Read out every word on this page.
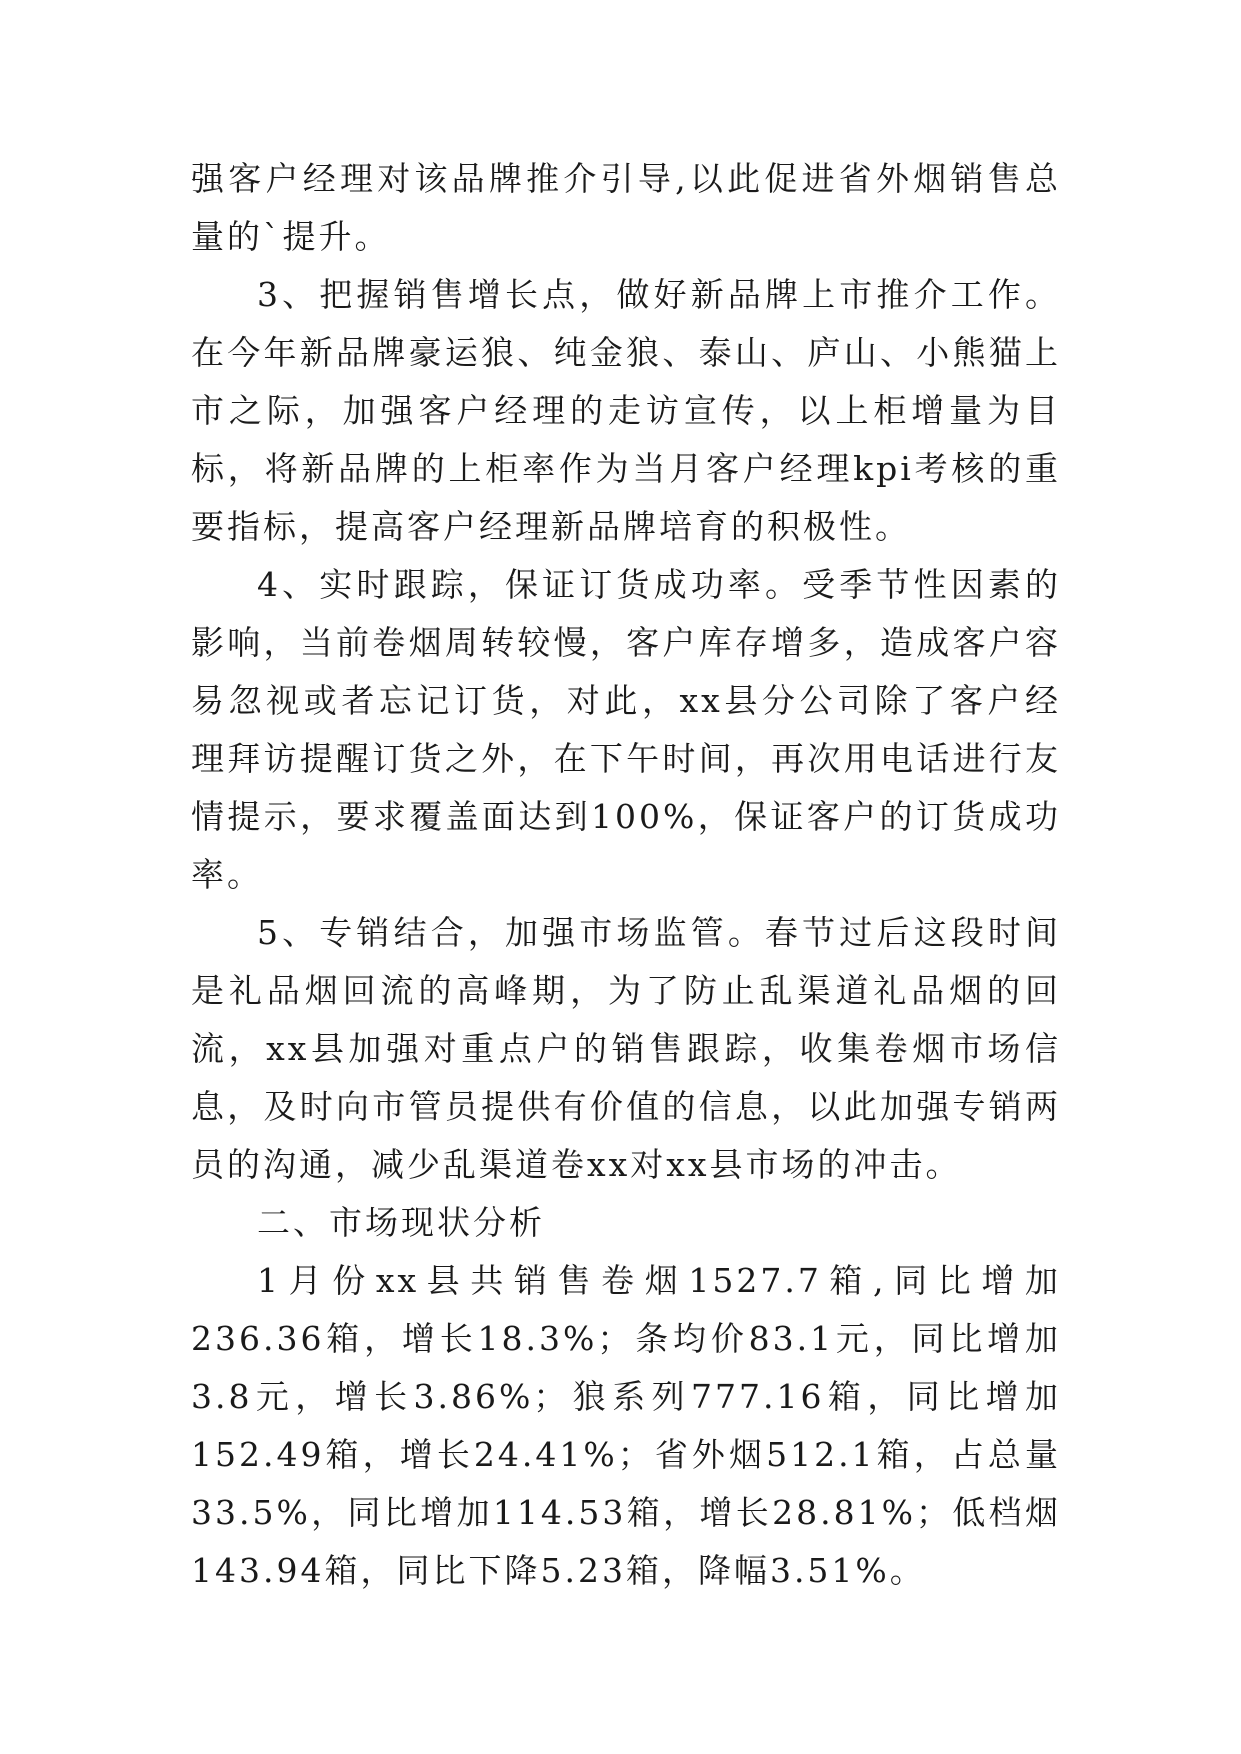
强客户经理对该品牌推介引导,以此促进省外烟销售总量的`提升。

3、把握销售增长点，做好新品牌上市推介工作。在今年新品牌豪运狼、纯金狼、泰山、庐山、小熊猫上市之际，加强客户经理的走访宣传，以上柜增量为目标，将新品牌的上柜率作为当月客户经理kpi考核的重要指标，提高客户经理新品牌培育的积极性。

4、实时跟踪，保证订货成功率。受季节性因素的影响，当前卷烟周转较慢，客户库存增多，造成客户容易忽视或者忘记订货，对此，xx县分公司除了客户经理拜访提醒订货之外，在下午时间，再次用电话进行友情提示，要求覆盖面达到100%，保证客户的订货成功率。

5、专销结合，加强市场监管。春节过后这段时间是礼品烟回流的高峰期，为了防止乱渠道礼品烟的回流，xx县加强对重点户的销售跟踪，收集卷烟市场信息，及时向市管员提供有价值的信息，以此加强专销两员的沟通，减少乱渠道卷xx对xx县市场的冲击。

二、市场现状分析

1月份xx县共销售卷烟1527.7箱,同比增加236.36箱，增长18.3%；条均价83.1元，同比增加3.8元，增长3.86%；狼系列777.16箱，同比增加152.49箱，增长24.41%；省外烟512.1箱，占总量33.5%，同比增加114.53箱，增长28.81%；低档烟143.94箱，同比下降5.23箱，降幅3.51%。
